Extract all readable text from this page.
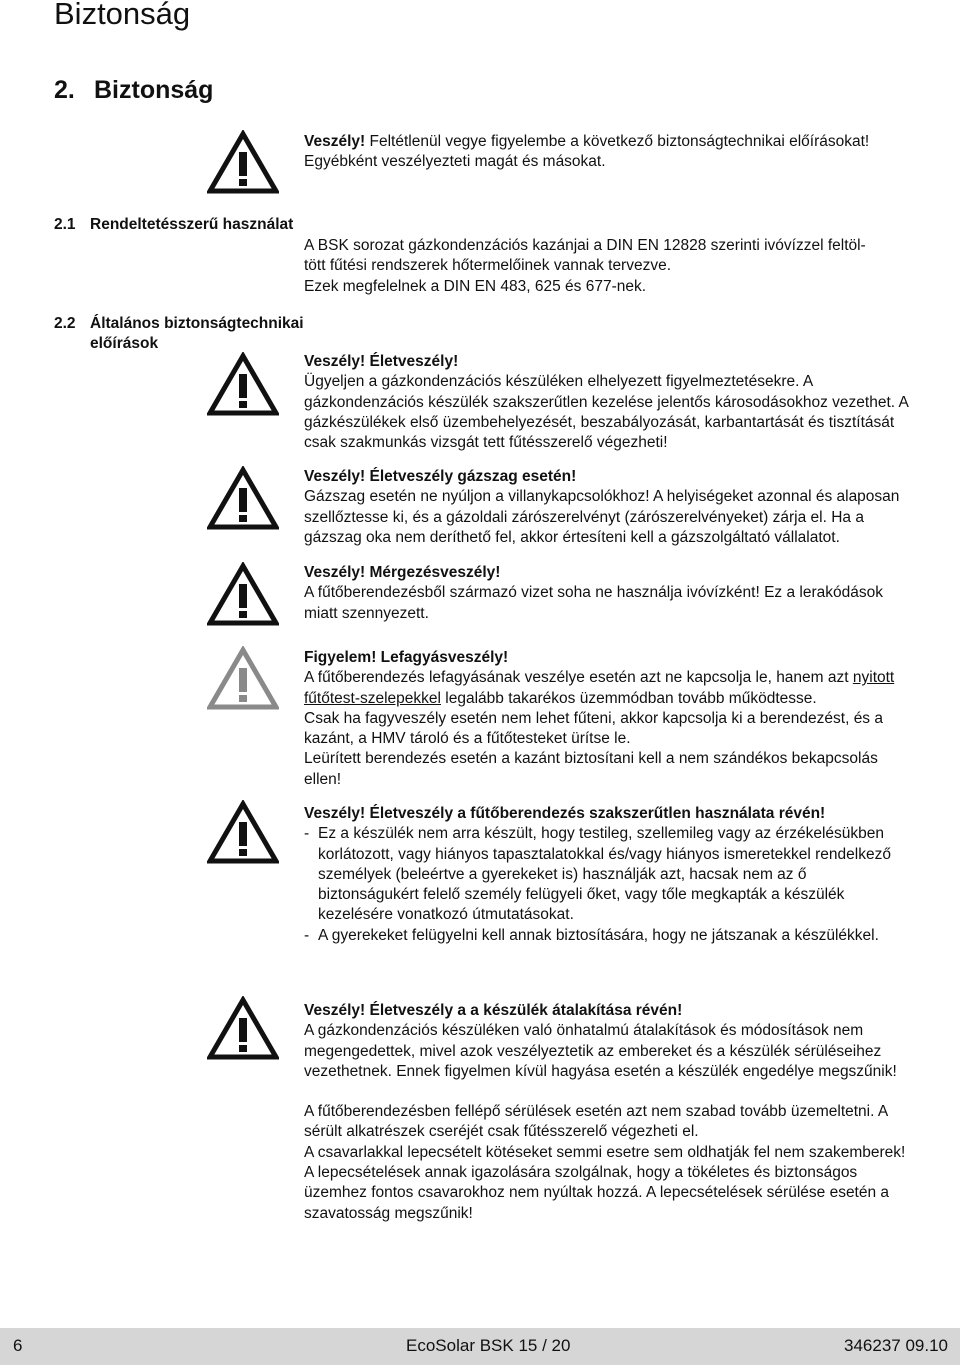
Biztonság
2. Biztonság

Veszély! Feltétlenül vegye figyelembe a következő biztonságtechnikai előírásokat! Egyébként veszélyezteti magát és másokat.

2.1 Rendeltetésszerű használat

A BSK sorozat gázkondenzációs kazánjai a DIN EN 12828 szerinti ivóvízzel feltöl-

tött fűtési rendszerek hőtermelőinek vannak tervezve.

Ezek megfelelnek a DIN EN 483, 625 és 677-nek.

2.2 Általános biztonságtechnikai
előírások

Veszély! Életveszély!

Ügyeljen a gázkondenzációs készüléken elhelyezett figyelmeztetésekre. A gázkondenzációs készülék szakszerűtlen kezelése jelentős károsodásokhoz vezethet. A gázkészülékek első üzembehelyezését, beszabályozását, karbantartását és tisztítását csak szakmunkás vizsgát tett fűtésszerelő végezheti!

Veszély! Életveszély gázszag esetén!

Gázszag esetén ne nyúljon a villanykapcsolókhoz! A helyiségeket azonnal és alaposan szellőztesse ki, és a gázoldali zárószerelvényt (zárószerelvényeket) zárja el. Ha a gázszag oka nem deríthető fel, akkor értesíteni kell a gázszolgáltató vállalatot.

Veszély! Mérgezésveszély!

A fűtőberendezésből származó vizet soha ne használja ivóvízként! Ez a lerakódások miatt szennyezett.

Figyelem! Lefagyásveszély!

A fűtőberendezés lefagyásának veszélye esetén azt ne kapcsolja le, hanem azt nyitott fűtőtest-szelepekkel legalább takarékos üzemmódban tovább működtesse.

Csak ha fagyveszély esetén nem lehet fűteni, akkor kapcsolja ki a berendezést, és a kazánt, a HMV tároló és a fűtőtesteket ürítse le.

Leürített berendezés esetén a kazánt biztosítani kell a nem szándékos bekapcsolás ellen!

Veszély! Életveszély a fűtőberendezés szakszerűtlen használata révén!

- Ez a készülék nem arra készült, hogy testileg, szellemileg vagy az érzékelésükben korlátozott, vagy hiányos tapasztalatokkal és/vagy hiányos ismeretekkel rendelkező személyek (beleértve a gyerekeket is) használják azt, hacsak nem az ő biztonságukért felelő személy felügyeli őket, vagy tőle megkapták a készülék kezelésére vonatkozó útmutatásokat.
- A gyerekeket felügyelni kell annak biztosítására, hogy ne játszanak a készülékkel.

Veszély! Életveszély a a készülék átalakítása révén!

A gázkondenzációs készüléken való önhatalmú átalakítások és módosítások nem megengedettek, mivel azok veszélyeztetik az embereket és a készülék sérüléseihez vezethetnek. Ennek figyelmen kívül hagyása esetén a készülék engedélye megszűnik!

A fűtőberendezésben fellépő sérülések esetén azt nem szabad tovább üzemeltetni. A sérült alkatrészek cseréjét csak fűtésszerelő végezheti el.

A csavarlakkal lepecsételt kötéseket semmi esetre sem oldhatják fel nem szakemberek! A lepecsételések annak igazolására szolgálnak, hogy a tökéletes és biztonságos üzemhez fontos csavarokhoz nem nyúltak hozzá. A lepecsételések sérülése esetén a szavatosság megszűnik!

6	EcoSolar BSK 15 / 20	346237 09.10
